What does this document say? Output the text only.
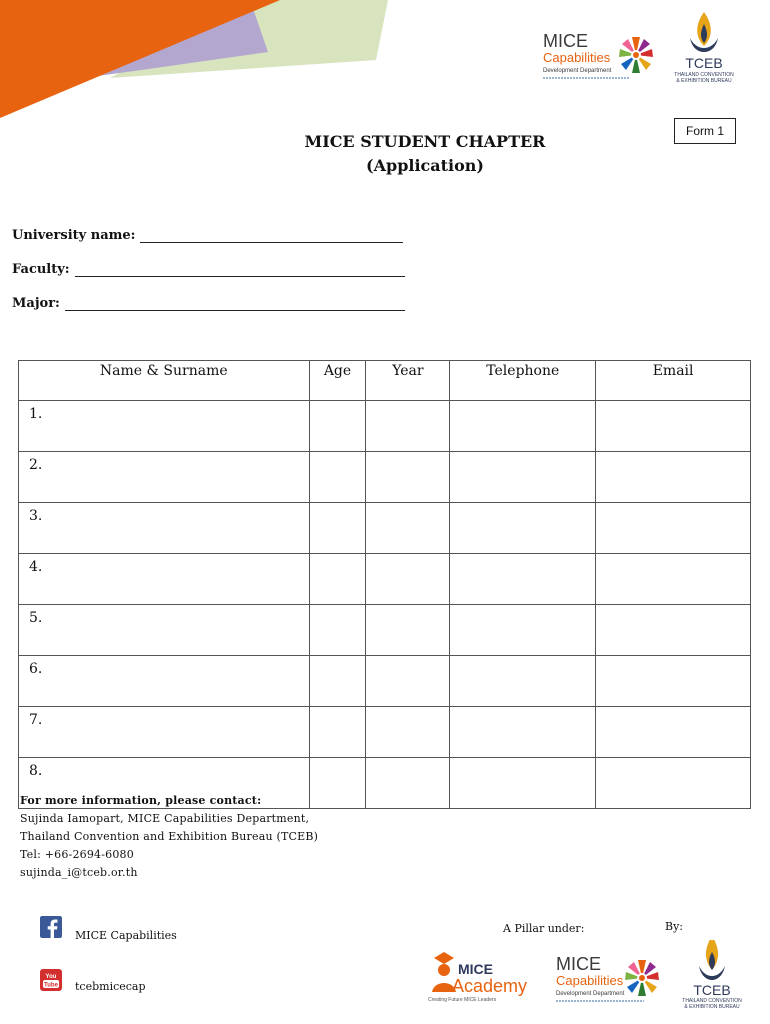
MICE
Capabilities
Development Department	TCEB
THAILAND CONVENTION
& EXHIBITION BUREAU
Form 1
MICE STUDENT CHAPTER
(Application)
University name:
Faculty:
Major:
Name & Surname	Age	Year	Telephone	Email
1.				
2.				
3.				
4.				
5.				
6.				
7.				
8.				
For more information, please contact:
Sujinda Iamopart, MICE Capabilities Department,
Thailand Convention and Exhibition Bureau (TCEB)
Tel: +66-2694-6080
sujinda_i@tceb.or.th
MICE Capabilities
You
Tube tcebmicecap
A Pillar under:	By:
MICE
Academy
Creating Future MICE Leaders
MICE
Capabilities
Development Department	TCEB
THAILAND CONVENTION
& EXHIBITION BUREAU
